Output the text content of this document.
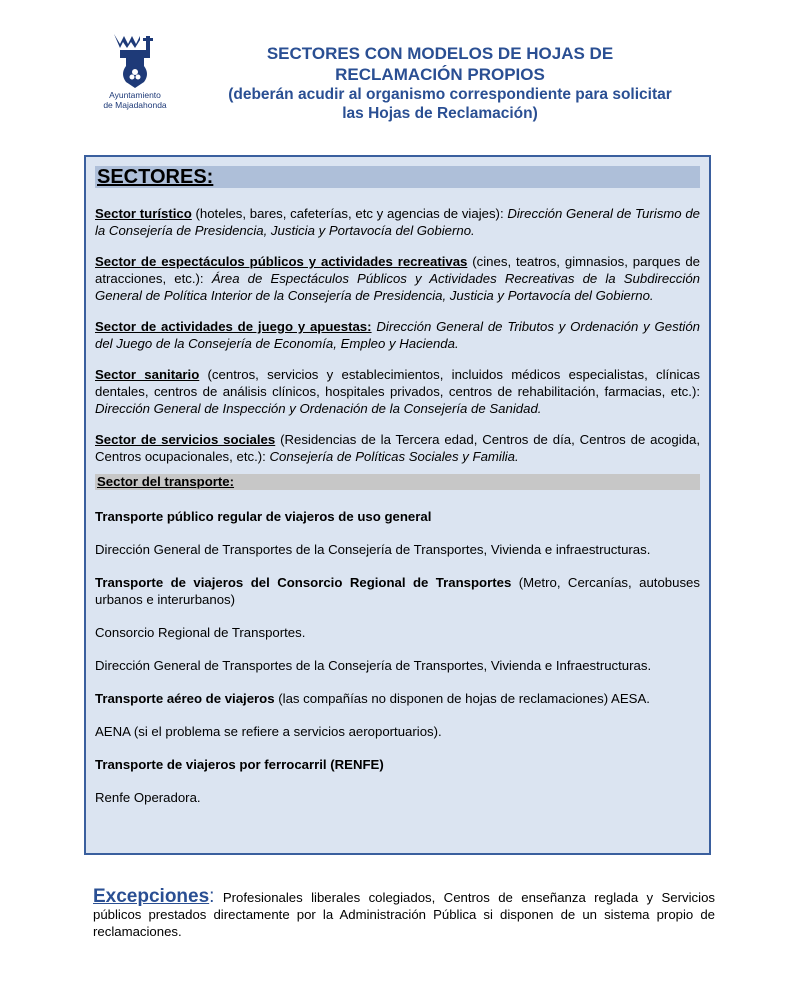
Ayuntamiento
de Majadahonda
SECTORES CON MODELOS DE HOJAS DE
RECLAMACIÓN PROPIOS
(deberán acudir al organismo correspondiente para solicitar
las Hojas de Reclamación)
SECTORES:

Sector turístico (hoteles, bares, cafeterías, etc y agencias de viajes): Dirección General de Turismo de la Consejería de Presidencia, Justicia y Portavocía del Gobierno.

Sector de espectáculos públicos y actividades recreativas (cines, teatros, gimnasios, parques de atracciones, etc.): Área de Espectáculos Públicos y Actividades Recreativas de la Subdirección General de Política Interior de la Consejería de Presidencia, Justicia y Portavocía del Gobierno.

Sector de actividades de juego y apuestas: Dirección General de Tributos y Ordenación y Gestión del Juego de la Consejería de Economía, Empleo y Hacienda.

Sector sanitario (centros, servicios y establecimientos, incluidos médicos especialistas, clínicas dentales, centros de análisis clínicos, hospitales privados, centros de rehabilitación, farmacias, etc.): Dirección General de Inspección y Ordenación de la Consejería de Sanidad.

Sector de servicios sociales (Residencias de la Tercera edad, Centros de día, Centros de acogida, Centros ocupacionales, etc.): Consejería de Políticas Sociales y Familia.

Sector del transporte:

Transporte público regular de viajeros de uso general

Dirección General de Transportes de la Consejería de Transportes, Vivienda e infraestructuras.

Transporte de viajeros del Consorcio Regional de Transportes (Metro, Cercanías, autobuses urbanos e interurbanos)

Consorcio Regional de Transportes.

Dirección General de Transportes de la Consejería de Transportes, Vivienda e Infraestructuras.

Transporte aéreo de viajeros (las compañías no disponen de hojas de reclamaciones) AESA.

AENA (si el problema se refiere a servicios aeroportuarios).

Transporte de viajeros por ferrocarril (RENFE)

Renfe Operadora.

Excepciones: Profesionales liberales colegiados, Centros de enseñanza reglada y Servicios públicos prestados directamente por la Administración Pública si disponen de un sistema propio de reclamaciones.
